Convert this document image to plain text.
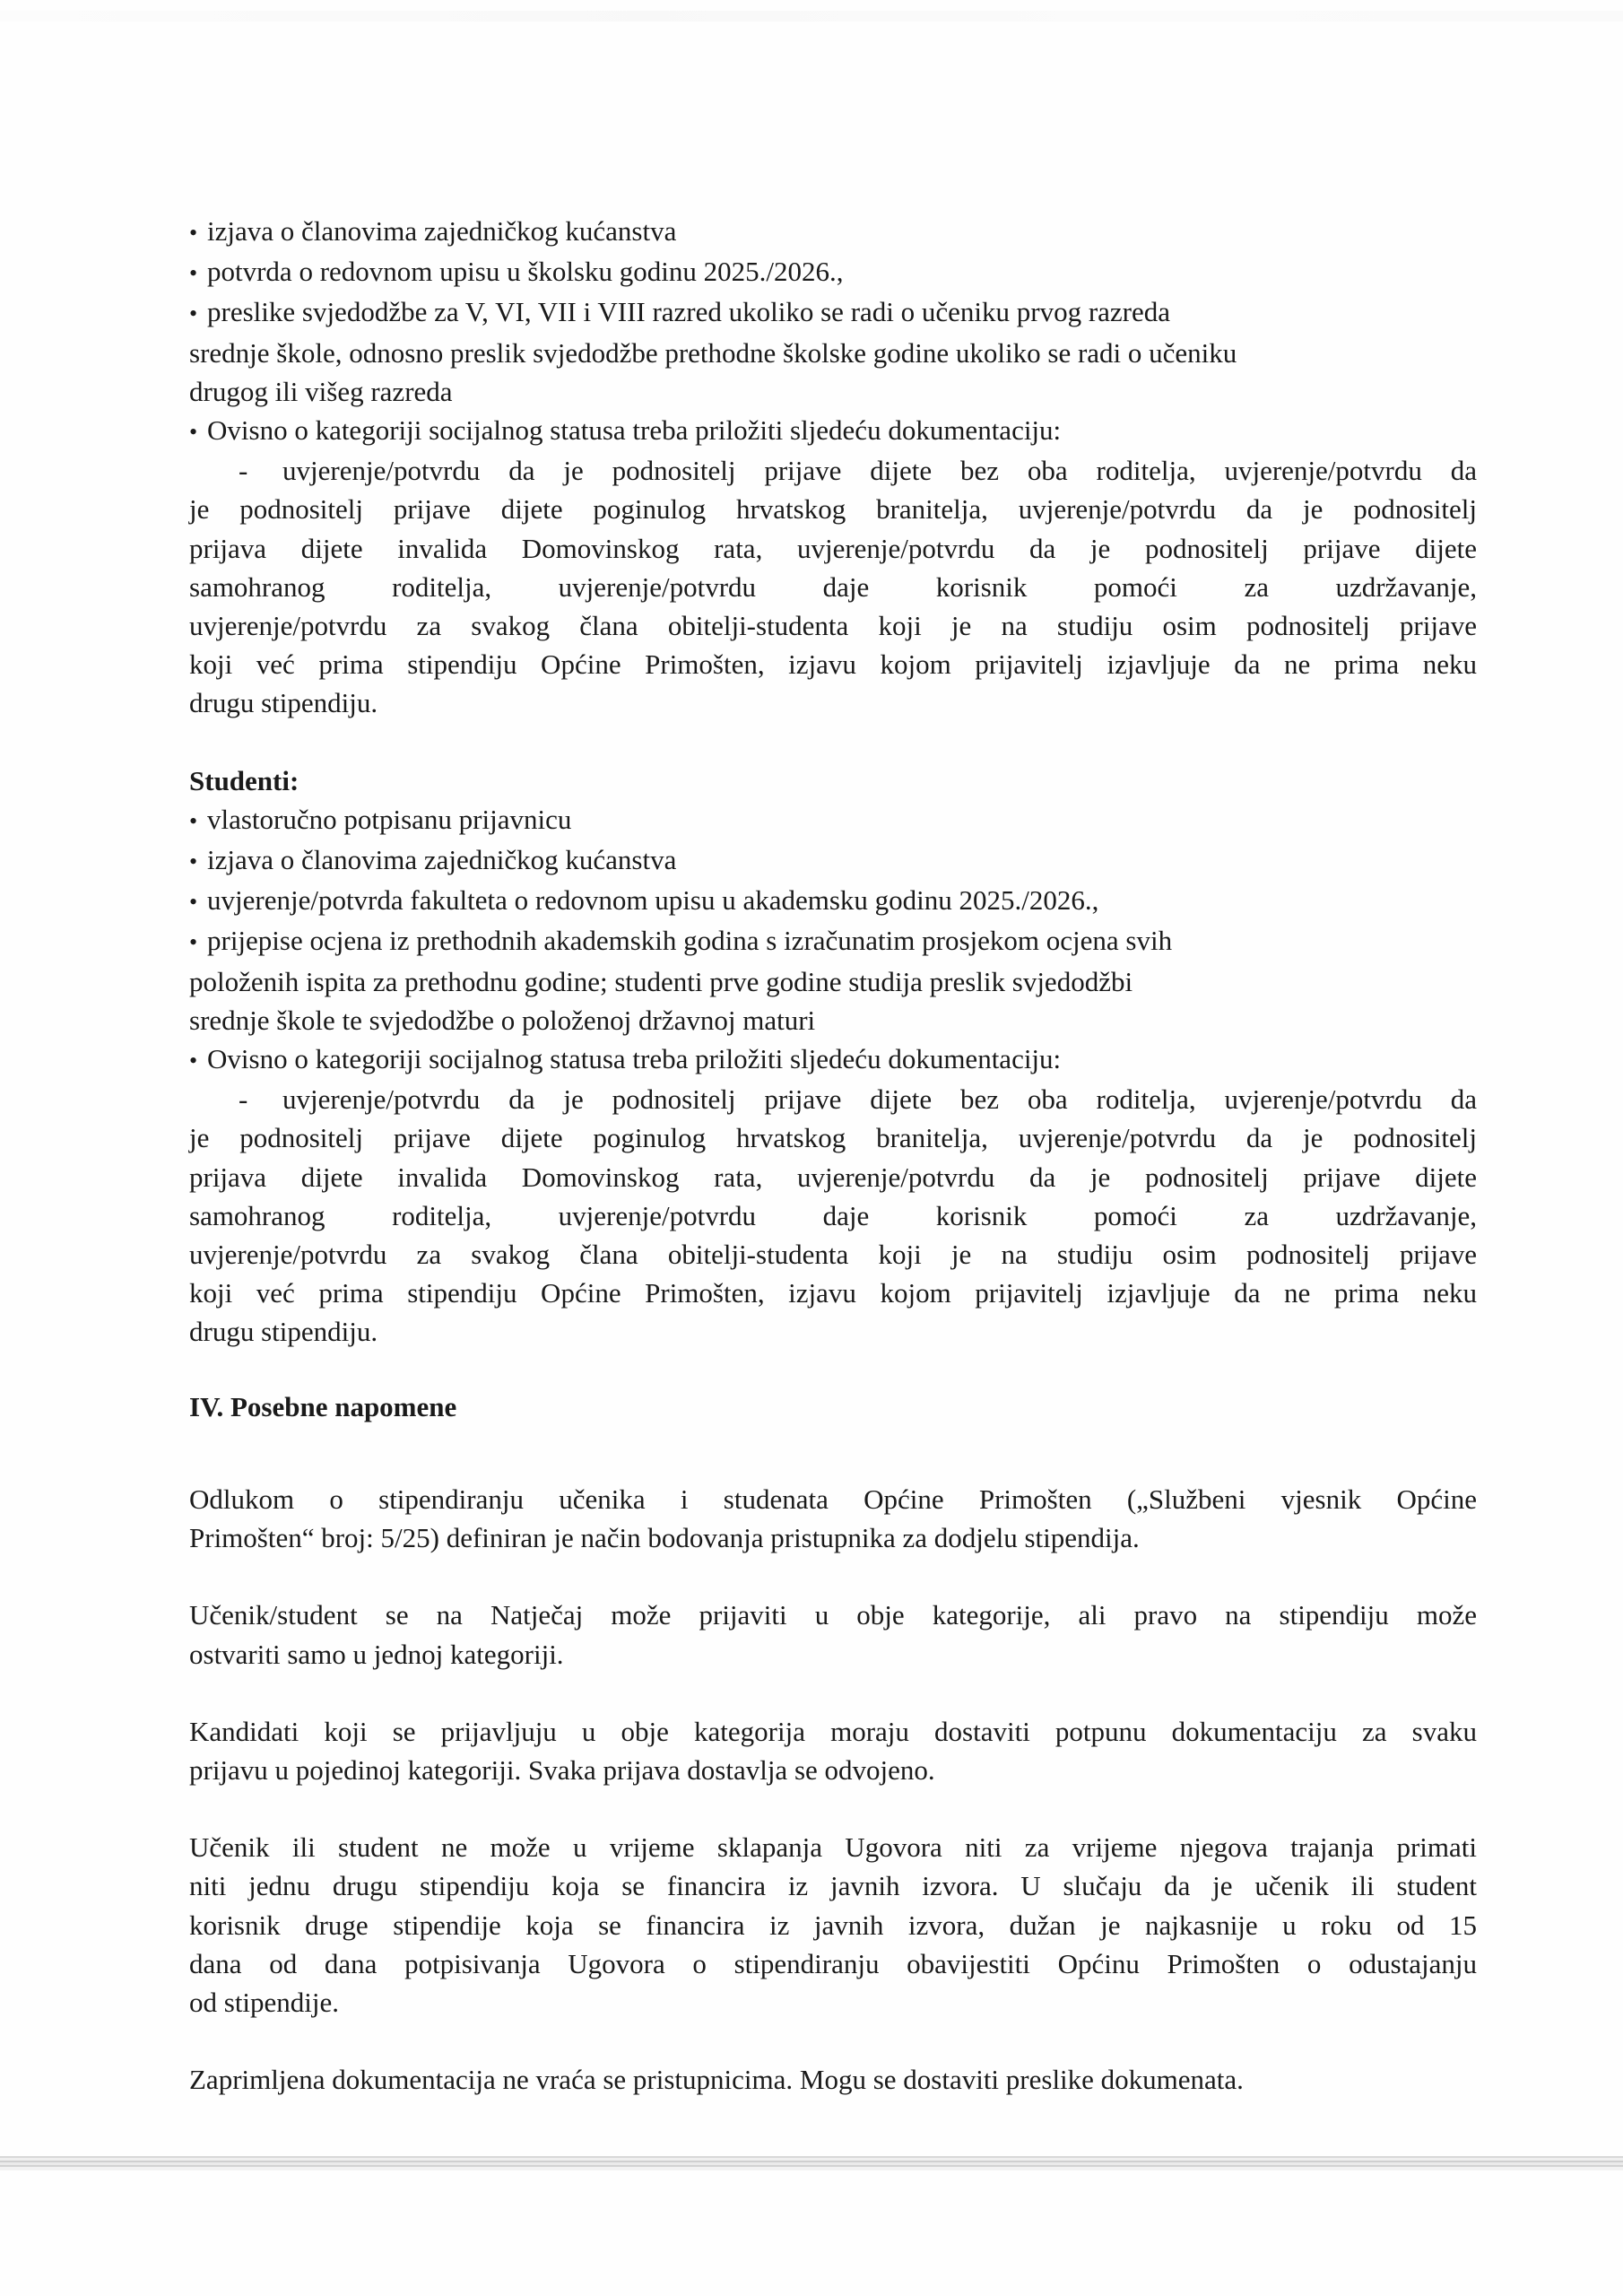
• izjava o članovima zajedničkog kućanstva
• potvrda o redovnom upisu u školsku godinu 2025./2026.,
• preslike svjedodžbe za V, VI, VII i VIII razred ukoliko se radi o učeniku prvog razreda
srednje škole, odnosno preslik svjedodžbe prethodne školske godine ukoliko se radi o učeniku
drugog ili višeg razreda
• Ovisno o kategoriji socijalnog statusa treba priložiti sljedeću dokumentaciju:
- uvjerenje/potvrdu da je podnositelj prijave dijete bez oba roditelja, uvjerenje/potvrdu da
je podnositelj prijave dijete poginulog hrvatskog branitelja, uvjerenje/potvrdu da je podnositelj
prijava dijete invalida Domovinskog rata, uvjerenje/potvrdu da je podnositelj prijave dijete
samohranog roditelja, uvjerenje/potvrdu daje korisnik pomoći za uzdržavanje,
uvjerenje/potvrdu za svakog člana obitelji-studenta koji je na studiju osim podnositelj prijave
koji već prima stipendiju Općine Primošten, izjavu kojom prijavitelj izjavljuje da ne prima neku
drugu stipendiju.
Studenti:
• vlastoručno potpisanu prijavnicu
• izjava o članovima zajedničkog kućanstva
• uvjerenje/potvrda fakulteta o redovnom upisu u akademsku godinu 2025./2026.,
• prijepise ocjena iz prethodnih akademskih godina s izračunatim prosjekom ocjena svih
položenih ispita za prethodnu godine; studenti prve godine studija preslik svjedodžbi
srednje škole te svjedodžbe o položenoj državnoj maturi
• Ovisno o kategoriji socijalnog statusa treba priložiti sljedeću dokumentaciju:
- uvjerenje/potvrdu da je podnositelj prijave dijete bez oba roditelja, uvjerenje/potvrdu da
je podnositelj prijave dijete poginulog hrvatskog branitelja, uvjerenje/potvrdu da je podnositelj
prijava dijete invalida Domovinskog rata, uvjerenje/potvrdu da je podnositelj prijave dijete
samohranog roditelja, uvjerenje/potvrdu daje korisnik pomoći za uzdržavanje,
uvjerenje/potvrdu za svakog člana obitelji-studenta koji je na studiju osim podnositelj prijave
koji već prima stipendiju Općine Primošten, izjavu kojom prijavitelj izjavljuje da ne prima neku
drugu stipendiju.
IV. Posebne napomene
Odlukom o stipendiranju učenika i studenata Općine Primošten („Službeni vjesnik Općine
Primošten“ broj: 5/25) definiran je način bodovanja pristupnika za dodjelu stipendija.
Učenik/student se na Natječaj može prijaviti u obje kategorije, ali pravo na stipendiju može
ostvariti samo u jednoj kategoriji.
Kandidati koji se prijavljuju u obje kategorija moraju dostaviti potpunu dokumentaciju za svaku
prijavu u pojedinoj kategoriji. Svaka prijava dostavlja se odvojeno.
Učenik ili student ne može u vrijeme sklapanja Ugovora niti za vrijeme njegova trajanja primati
niti jednu drugu stipendiju koja se financira iz javnih izvora. U slučaju da je učenik ili student
korisnik druge stipendije koja se financira iz javnih izvora, dužan je najkasnije u roku od 15
dana od dana potpisivanja Ugovora o stipendiranju obavijestiti Općinu Primošten o odustajanju
od stipendije.
Zaprimljena dokumentacija ne vraća se pristupnicima. Mogu se dostaviti preslike dokumenata.
